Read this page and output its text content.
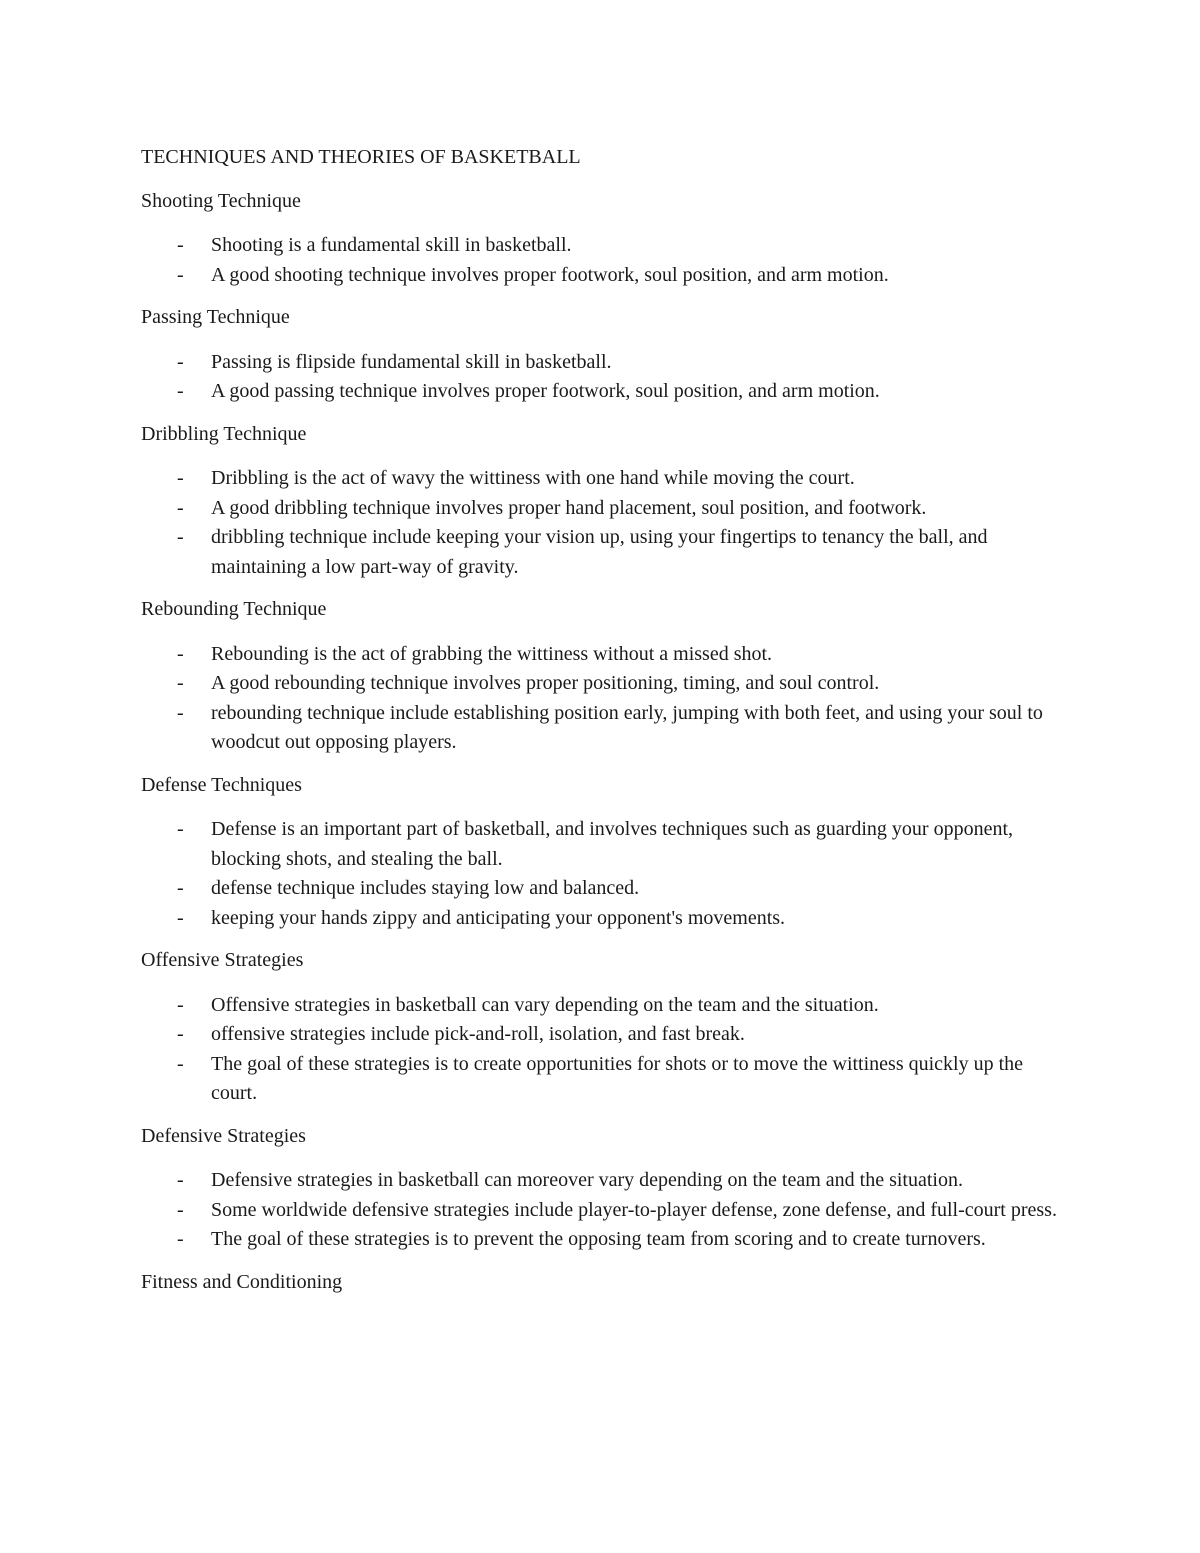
TECHNIQUES AND THEORIES OF BASKETBALL
Shooting Technique
- Shooting is a fundamental skill in basketball.
- A good shooting technique involves proper footwork, soul position, and arm motion.
Passing Technique
- Passing is flipside fundamental skill in basketball.
- A good passing technique involves proper footwork, soul position, and arm motion.
Dribbling Technique
- Dribbling is the act of wavy the wittiness with one hand while moving the court.
- A good dribbling technique involves proper hand placement, soul position, and footwork.
- dribbling technique include keeping your vision up, using your fingertips to tenancy the ball, and maintaining a low part-way of gravity.
Rebounding Technique
- Rebounding is the act of grabbing the wittiness without a missed shot.
- A good rebounding technique involves proper positioning, timing, and soul control.
- rebounding technique include establishing position early, jumping with both feet, and using your soul to woodcut out opposing players.
Defense Techniques
- Defense is an important part of basketball, and involves techniques such as guarding your opponent, blocking shots, and stealing the ball.
- defense technique includes staying low and balanced.
- keeping your hands zippy and anticipating your opponent's movements.
Offensive Strategies
- Offensive strategies in basketball can vary depending on the team and the situation.
- offensive strategies include pick-and-roll, isolation, and fast break.
- The goal of these strategies is to create opportunities for shots or to move the wittiness quickly up the court.
Defensive Strategies
- Defensive strategies in basketball can moreover vary depending on the team and the situation.
- Some worldwide defensive strategies include player-to-player defense, zone defense, and full-court press.
- The goal of these strategies is to prevent the opposing team from scoring and to create turnovers.
Fitness and Conditioning
